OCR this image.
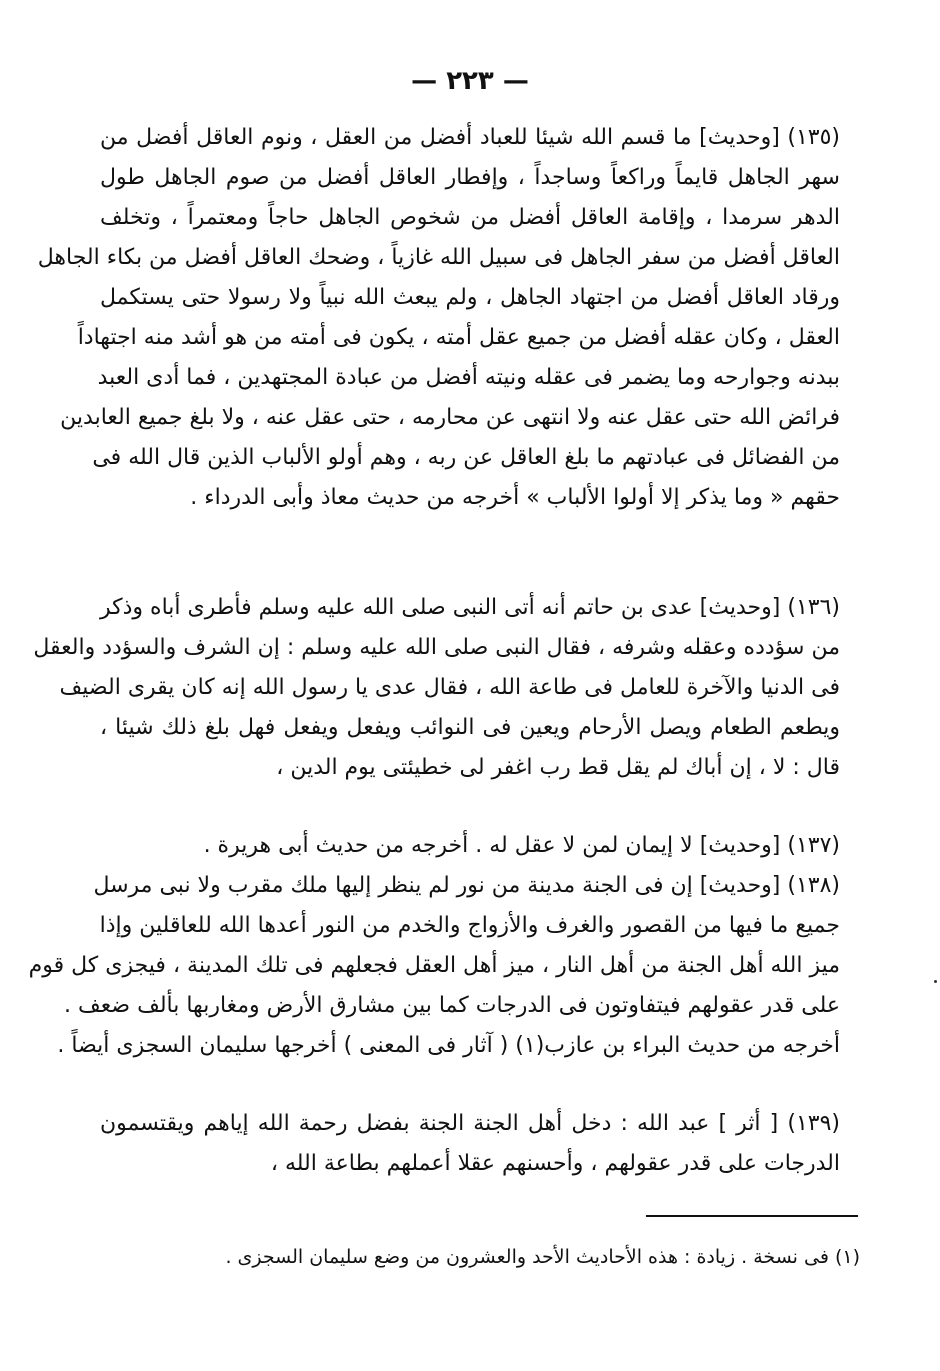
— ٢٢٣ —
(١٣٥) [وحديث] ما قسم الله شيئا للعباد أفضل من العقل ، ونوم العاقل أفضل من
سهر الجاهل قايماً وراكعاً وساجداً ، وإفطار العاقل أفضل من صوم الجاهل طول
الدهر سرمدا ، وإقامة العاقل أفضل من شخوص الجاهل حاجاً ومعتمراً ، وتخلف
العاقل أفضل من سفر الجاهل فى سبيل الله غازياً ، وضحك العاقل أفضل من بكاء الجاهل
ورقاد العاقل أفضل من اجتهاد الجاهل ، ولم يبعث الله نبياً ولا رسولا حتى يستكمل
العقل ، وكان عقله أفضل من جميع عقل أمته ، يكون فى أمته من هو أشد منه اجتهاداً
ببدنه وجوارحه وما يضمر فى عقله ونيته أفضل من عبادة المجتهدين ، فما أدى العبد
فرائض الله حتى عقل عنه ولا انتهى عن محارمه ، حتى عقل عنه ، ولا بلغ جميع العابدين
من الفضائل فى عبادتهم ما بلغ العاقل عن ربه ، وهم أولو الألباب الذين قال الله فى
حقهم « وما يذكر إلا أولوا الألباب » أخرجه من حديث معاذ وأبى الدرداء .
(١٣٦) [وحديث] عدى بن حاتم أنه أتى النبى صلى الله عليه وسلم فأطرى أباه وذكر
من سؤدده وعقله وشرفه ، فقال النبى صلى الله عليه وسلم : إن الشرف والسؤدد والعقل
فى الدنيا والآخرة للعامل فى طاعة الله ، فقال عدى يا رسول الله إنه كان يقرى الضيف
ويطعم الطعام ويصل الأرحام ويعين فى النوائب ويفعل ويفعل فهل بلغ ذلك شيئا ،
قال : لا ، إن أباك لم يقل قط رب اغفر لى خطيئتى يوم الدين ،
(١٣٧) [وحديث] لا إيمان لمن لا عقل له . أخرجه من حديث أبى هريرة .
(١٣٨) [وحديث] إن فى الجنة مدينة من نور لم ينظر إليها ملك مقرب ولا نبى مرسل
جميع ما فيها من القصور والغرف والأزواج والخدم من النور أعدها الله للعاقلين وإذا
ميز الله أهل الجنة من أهل النار ، ميز أهل العقل فجعلهم فى تلك المدينة ، فيجزى كل قوم
على قدر عقولهم فيتفاوتون فى الدرجات كما بين مشارق الأرض ومغاربها بألف ضعف .
أخرجه من حديث البراء بن عازب(١) ( آثار فى المعنى ) أخرجها سليمان السجزى أيضاً .
(١٣٩) [ أثر ] عبد الله : دخل أهل الجنة الجنة بفضل رحمة الله إياهم ويقتسمون
الدرجات على قدر عقولهم ، وأحسنهم عقلا أعملهم بطاعة الله ،
(١) فى نسخة . زيادة : هذه الأحاديث الأحد والعشرون من وضع سليمان السجزى .
